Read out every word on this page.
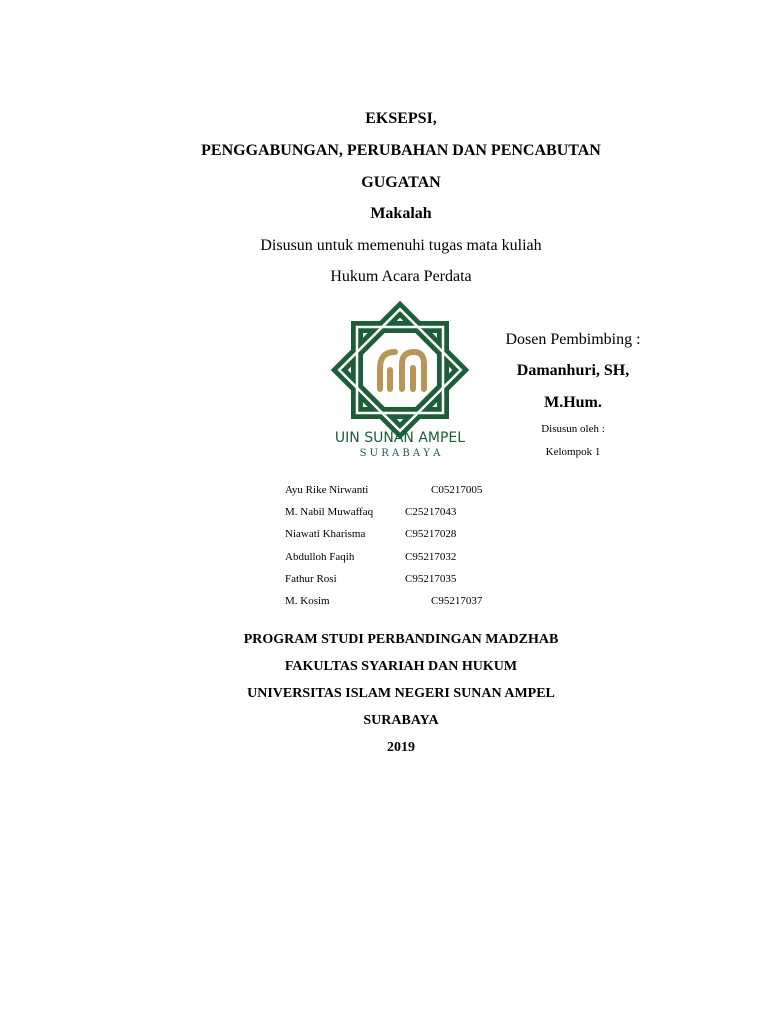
EKSEPSI,
PENGGABUNGAN, PERUBAHAN DAN PENCABUTAN
GUGATAN
Makalah
Disusun untuk memenuhi tugas mata kuliah
Hukum Acara Perdata
UIN SUNAN AMPEL
S U R A B A Y A
Dosen Pembimbing :
Damanhuri, SH,
M.Hum.
Disusun oleh :
Kelompok 1
Ayu Rike Nirwanti	C05217005
M. Nabil Muwaffaq	C25217043
Niawati Kharisma	C95217028
Abdulloh Faqih	C95217032
Fathur Rosi	C95217035
M. Kosim	C95217037
PROGRAM STUDI PERBANDINGAN MADZHAB
FAKULTAS SYARIAH DAN HUKUM
UNIVERSITAS ISLAM NEGERI SUNAN AMPEL
SURABAYA
2019
